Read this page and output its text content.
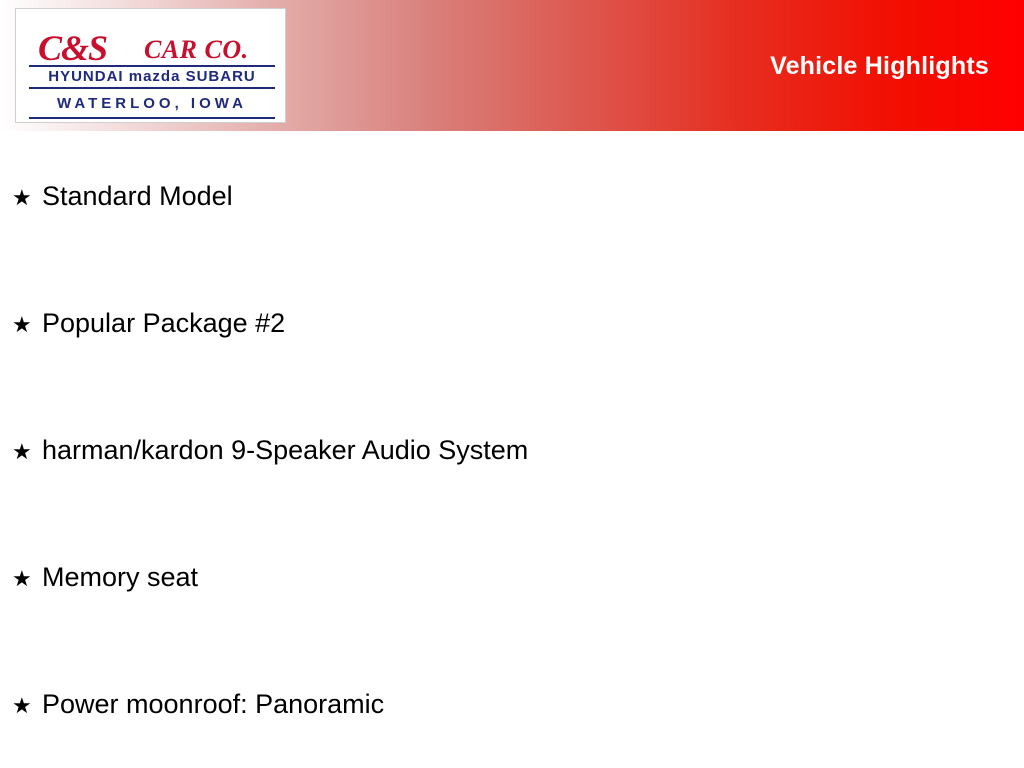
C&S CAR CO.
HYUNDAI mazda SUBARU
WATERLOO, IOWA
Vehicle Highlights
★ Standard Model
★ Popular Package #2
★ harman/kardon 9-Speaker Audio System
★ Memory seat
★ Power moonroof: Panoramic
